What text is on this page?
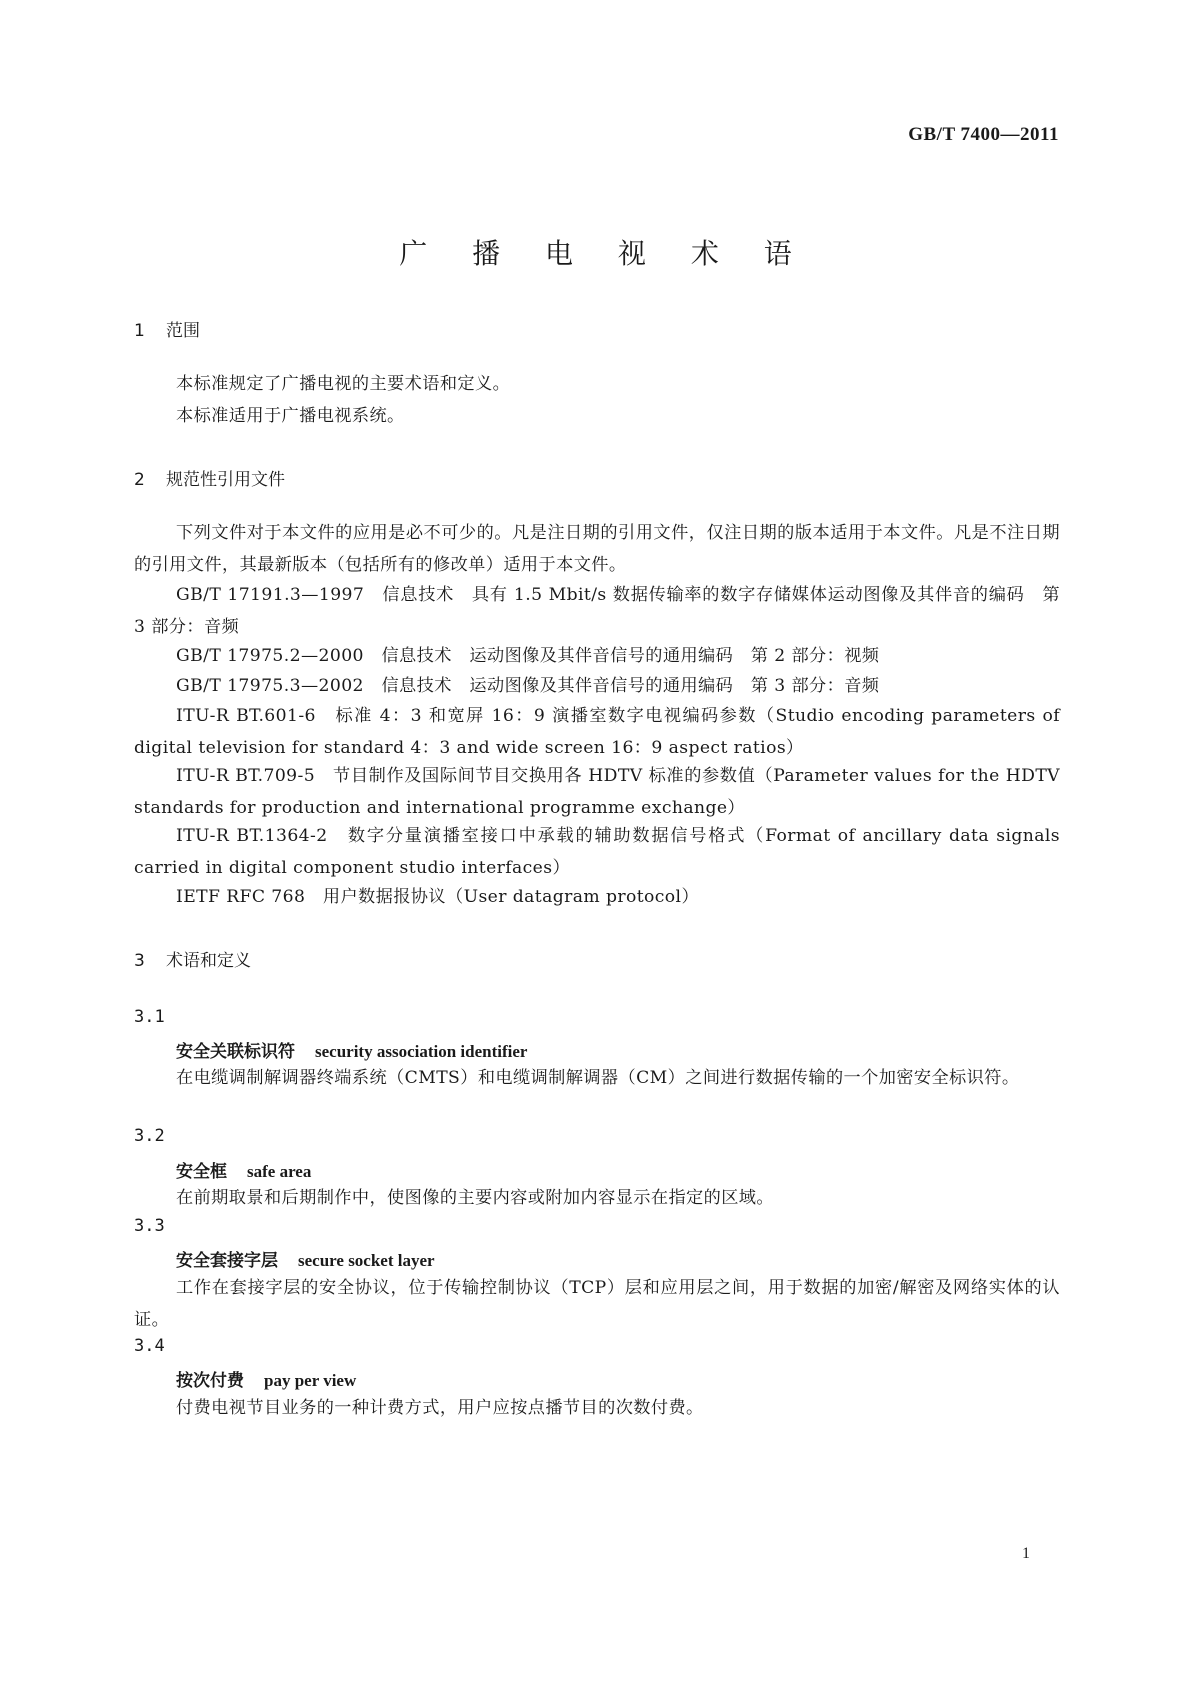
GB/T 7400—2011
广 播 电 视 术 语
1 范围
本标准规定了广播电视的主要术语和定义。
本标准适用于广播电视系统。
2 规范性引用文件
下列文件对于本文件的应用是必不可少的。凡是注日期的引用文件，仅注日期的版本适用于本文件。凡是不注日期的引用文件，其最新版本（包括所有的修改单）适用于本文件。
GB/T 17191.3—1997　信息技术　具有 1.5 Mbit/s 数据传输率的数字存储媒体运动图像及其伴音的编码　第 3 部分：音频
GB/T 17975.2—2000　信息技术　运动图像及其伴音信号的通用编码　第 2 部分：视频
GB/T 17975.3—2002　信息技术　运动图像及其伴音信号的通用编码　第 3 部分：音频
ITU-R BT.601-6　标准 4：3 和宽屏 16：9 演播室数字电视编码参数（Studio encoding parameters of digital television for standard 4：3 and wide screen 16：9 aspect ratios）
ITU-R BT.709-5　节目制作及国际间节目交换用各 HDTV 标准的参数值（Parameter values for the HDTV standards for production and international programme exchange）
ITU-R BT.1364-2　数字分量演播室接口中承载的辅助数据信号格式（Format of ancillary data signals carried in digital component studio interfaces）
IETF RFC 768　用户数据报协议（User datagram protocol）
3 术语和定义
3.1
安全关联标识符 security association identifier
在电缆调制解调器终端系统（CMTS）和电缆调制解调器（CM）之间进行数据传输的一个加密安全标识符。
3.2
安全框 safe area
在前期取景和后期制作中，使图像的主要内容或附加内容显示在指定的区域。
3.3
安全套接字层 secure socket layer
工作在套接字层的安全协议，位于传输控制协议（TCP）层和应用层之间，用于数据的加密/解密及网络实体的认证。
3.4
按次付费 pay per view
付费电视节目业务的一种计费方式，用户应按点播节目的次数付费。
1
